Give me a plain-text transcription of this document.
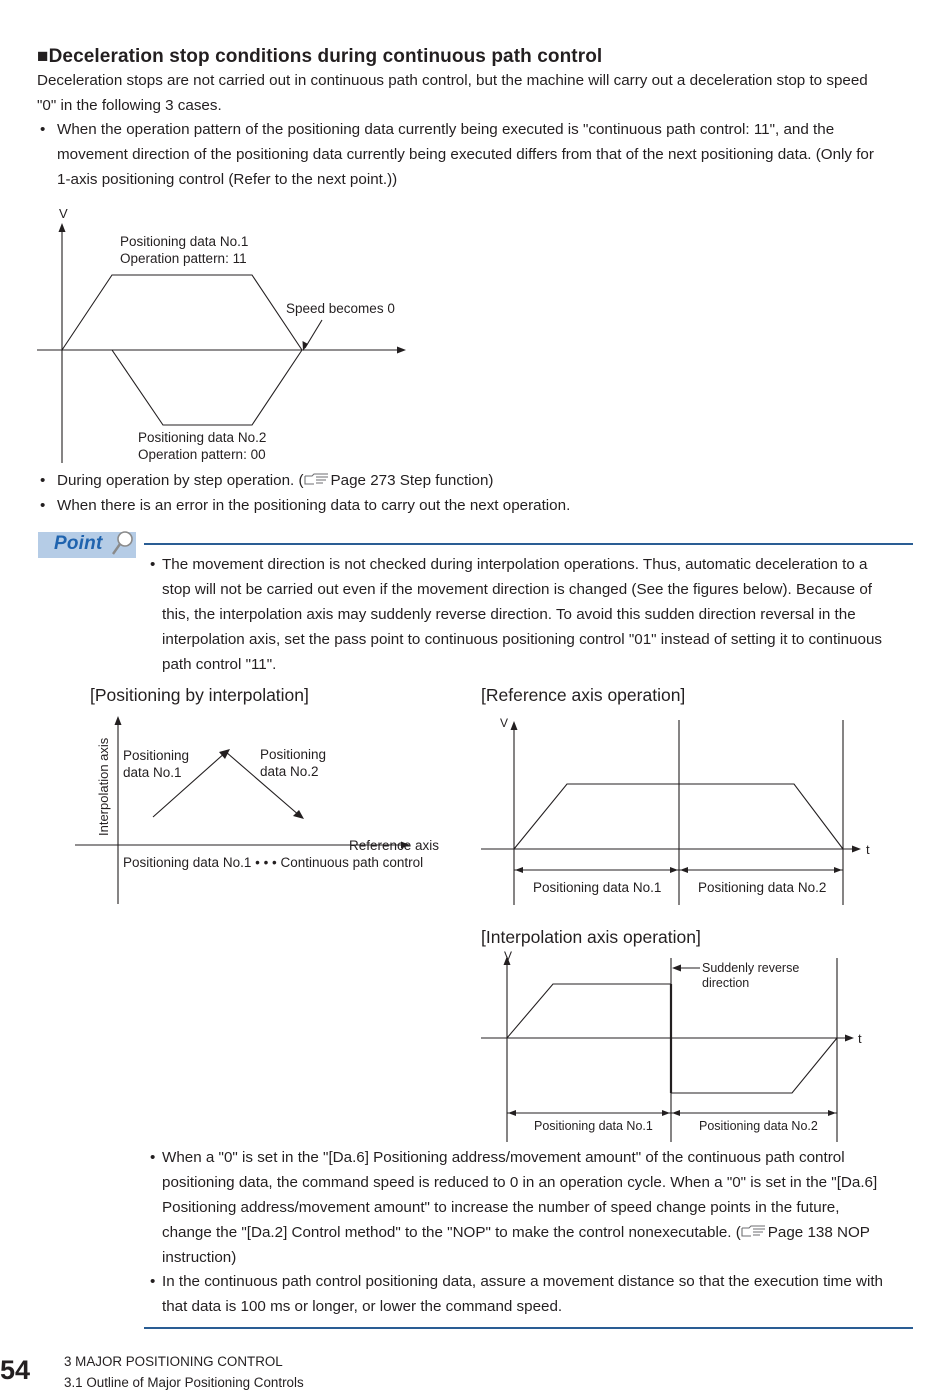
■Deceleration stop conditions during continuous path control
Deceleration stops are not carried out in continuous path control, but the machine will carry out a deceleration stop to speed
"0" in the following 3 cases.
• When the operation pattern of the positioning data currently being executed is "continuous path control: 11", and the
movement direction of the positioning data currently being executed differs from that of the next positioning data. (Only for
1-axis positioning control (Refer to the next point.))
V
Positioning data No.1
Operation pattern: 11
Speed becomes 0
Positioning data No.2
Operation pattern: 00
• During operation by step operation. ( Page 273 Step function)
• When there is an error in the positioning data to carry out the next operation.
Point
• The movement direction is not checked during interpolation operations. Thus, automatic deceleration to a
stop will not be carried out even if the movement direction is changed (See the figures below). Because of
this, the interpolation axis may suddenly reverse direction. To avoid this sudden direction reversal in the
interpolation axis, set the pass point to continuous positioning control "01" instead of setting it to continuous
path control "11".
[Positioning by interpolation]	[Reference axis operation]
[Interpolation axis operation]
Interpolation axis
Reference axis
Positioning
data No.1
Positioning
data No.2
Positioning data No.1 • • • Continuous path control
V
t
Positioning data No.1	Positioning data No.2
V
t
Suddenly reverse
direction
Positioning data No.1	Positioning data No.2
• When a "0" is set in the "[Da.6] Positioning address/movement amount" of the continuous path control
positioning data, the command speed is reduced to 0 in an operation cycle. When a "0" is set in the "[Da.6]
Positioning address/movement amount" to increase the number of speed change points in the future,
change the "[Da.2] Control method" to the "NOP" to make the control nonexecutable. ( Page 138 NOP
instruction)
• In the continuous path control positioning data, assure a movement distance so that the execution time with
that data is 100 ms or longer, or lower the command speed.
54	3 MAJOR POSITIONING CONTROL
3.1 Outline of Major Positioning Controls
